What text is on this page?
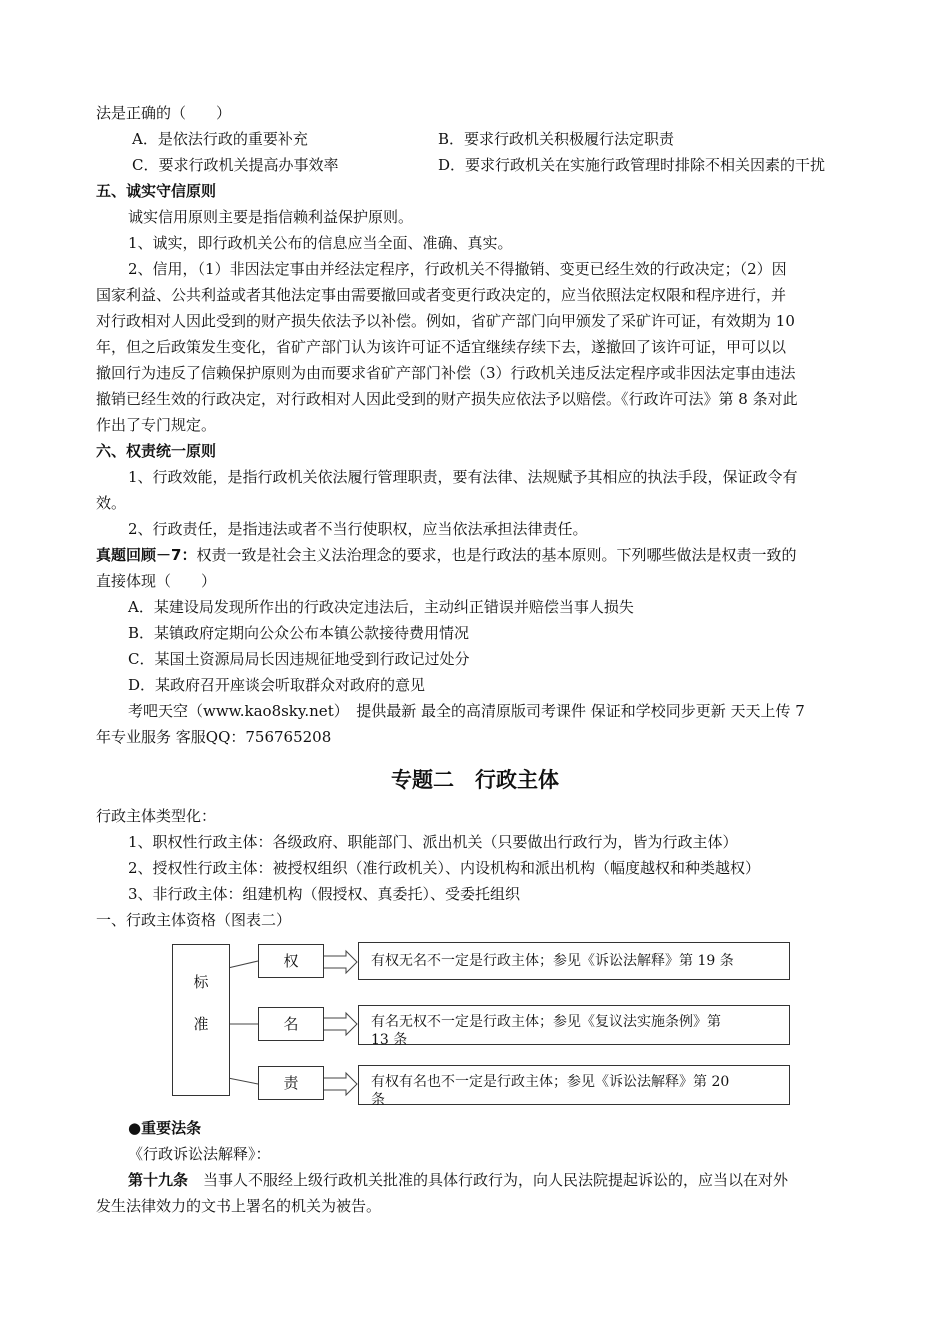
法是正确的（　　）
A．是依法行政的重要补充	B．要求行政机关积极履行法定职责
C．要求行政机关提高办事效率	D．要求行政机关在实施行政管理时排除不相关因素的干扰
五、诚实守信原则
诚实信用原则主要是指信赖利益保护原则。
1、诚实，即行政机关公布的信息应当全面、准确、真实。
2、信用，（1）非因法定事由并经法定程序，行政机关不得撤销、变更已经生效的行政决定；（2）因
国家利益、公共利益或者其他法定事由需要撤回或者变更行政决定的，应当依照法定权限和程序进行，并
对行政相对人因此受到的财产损失依法予以补偿。例如，省矿产部门向甲颁发了采矿许可证，有效期为 10
年，但之后政策发生变化，省矿产部门认为该许可证不适宜继续存续下去，遂撤回了该许可证，甲可以以
撤回行为违反了信赖保护原则为由而要求省矿产部门补偿（3）行政机关违反法定程序或非因法定事由违法
撤销已经生效的行政决定，对行政相对人因此受到的财产损失应依法予以赔偿。《行政许可法》第 8 条对此
作出了专门规定。
六、权责统一原则
1、行政效能，是指行政机关依法履行管理职责，要有法律、法规赋予其相应的执法手段，保证政令有
效。
2、行政责任，是指违法或者不当行使职权，应当依法承担法律责任。
真题回顾－7：权责一致是社会主义法治理念的要求，也是行政法的基本原则。下列哪些做法是权责一致的
直接体现（　　）
A．某建设局发现所作出的行政决定违法后，主动纠正错误并赔偿当事人损失
B．某镇政府定期向公众公布本镇公款接待费用情况
C．某国土资源局局长因违规征地受到行政记过处分
D．某政府召开座谈会听取群众对政府的意见
考吧天空（www.kao8sky.net）　提供最新 最全的高清原版司考课件 保证和学校同步更新 天天上传 7
年专业服务 客服QQ：756765208
专题二　行政主体
行政主体类型化：
1、职权性行政主体：各级政府、职能部门、派出机关（只要做出行政行为，皆为行政主体）
2、授权性行政主体：被授权组织（准行政机关）、内设机构和派出机构（幅度越权和种类越权）
3、非行政主体：组建机构（假授权、真委托）、受委托组织
一、行政主体资格（图表二）
标
准
权
名
责
有权无名不一定是行政主体；参见《诉讼法解释》第 19 条
有名无权不一定是行政主体；参见《复议法实施条例》第
13 条
有权有名也不一定是行政主体；参见《诉讼法解释》第 20
条
●重要法条
《行政诉讼法解释》：
第十九条　当事人不服经上级行政机关批准的具体行政行为，向人民法院提起诉讼的，应当以在对外
发生法律效力的文书上署名的机关为被告。
